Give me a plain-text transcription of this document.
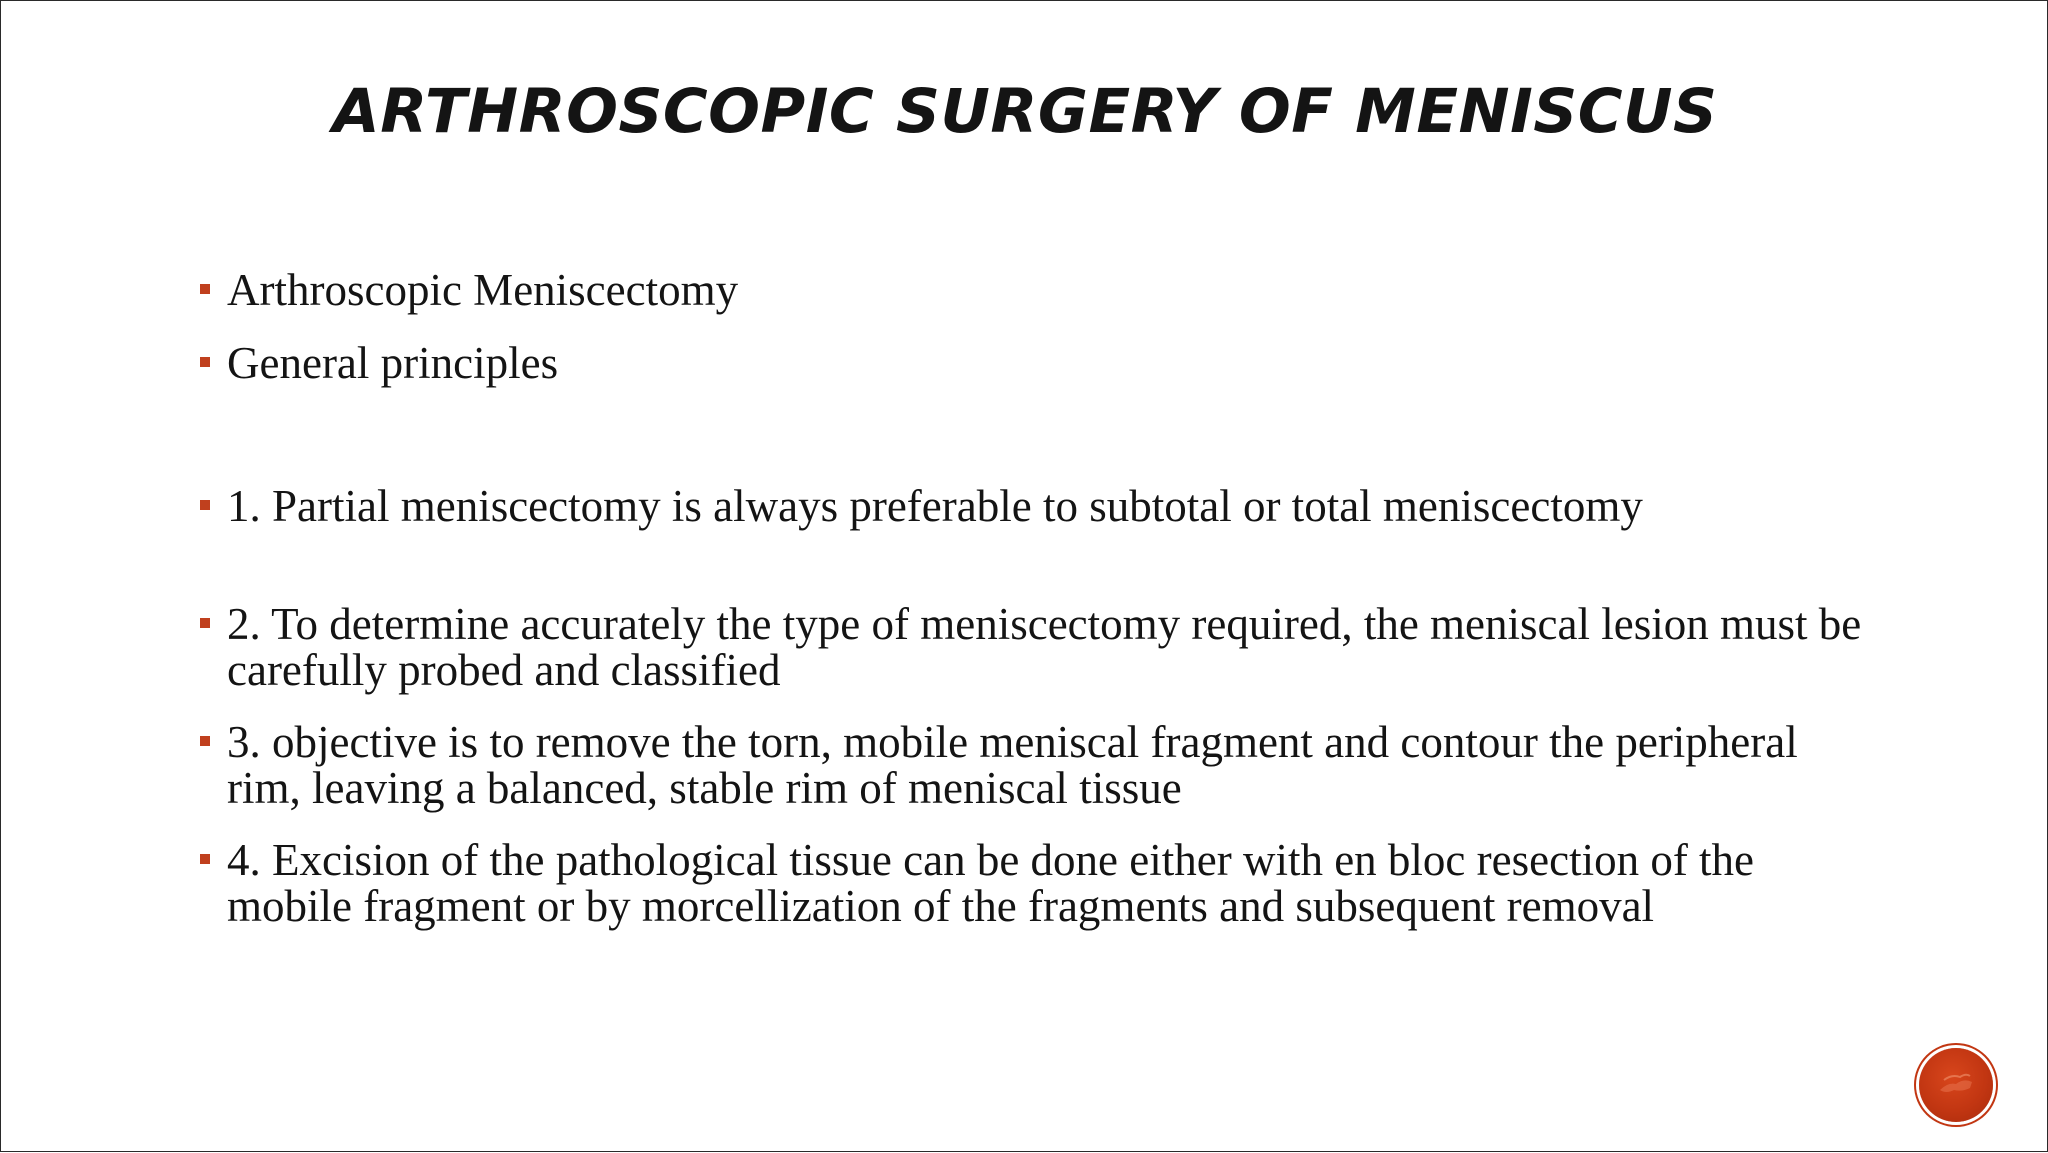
ARTHROSCOPIC SURGERY OF MENISCUS
Arthroscopic Meniscectomy
General principles
1. Partial meniscectomy is always preferable to subtotal or total meniscectomy
2. To determine accurately the type of meniscectomy required, the meniscal lesion must be carefully probed and classified
3. objective is to remove the torn, mobile meniscal fragment and contour the peripheral rim, leaving a balanced, stable rim of meniscal tissue
4. Excision of the pathological tissue can be done either with en bloc resection of the mobile fragment or by morcellization of the fragments and subsequent removal
